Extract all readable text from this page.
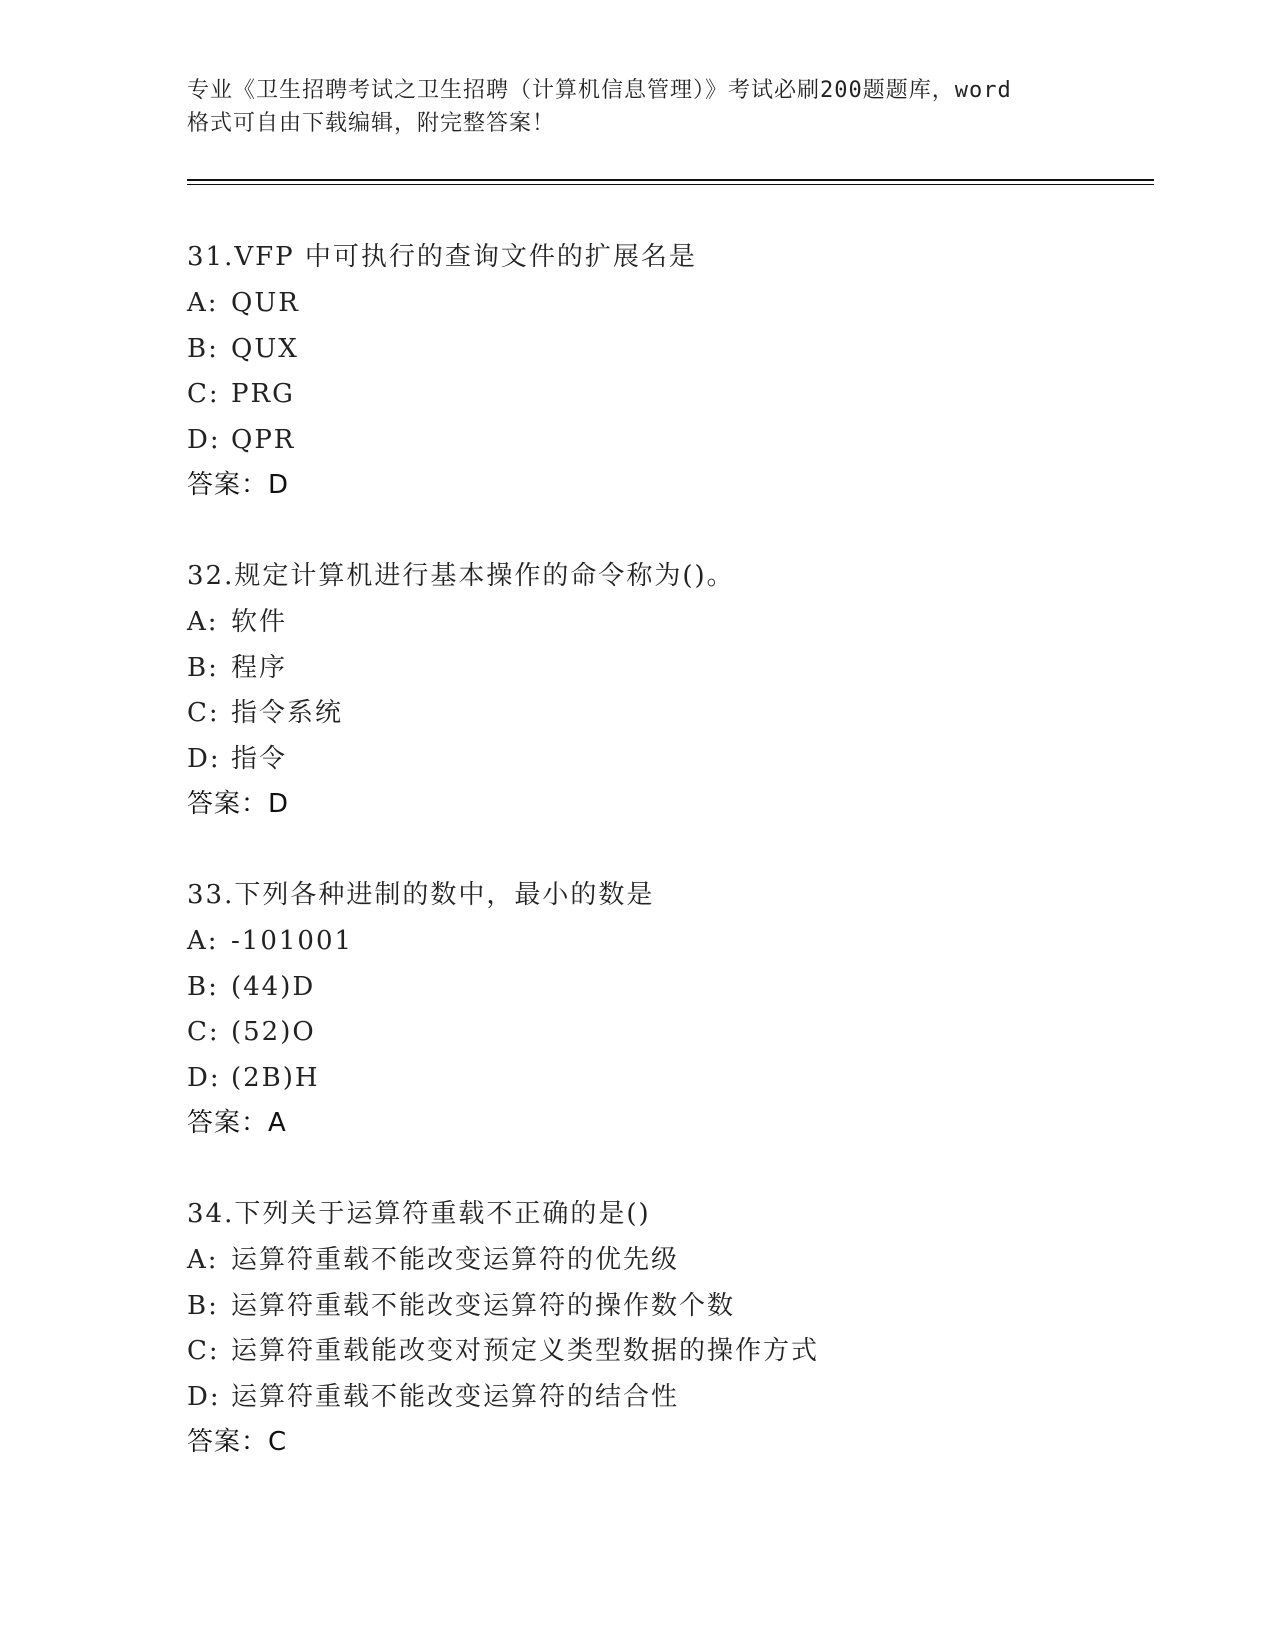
专业《卫生招聘考试之卫生招聘（计算机信息管理）》考试必刷200题题库，word
格式可自由下载编辑，附完整答案！
31.VFP 中可执行的查询文件的扩展名是
A: QUR
B: QUX
C: PRG
D: QPR
答案：D
32.规定计算机进行基本操作的命令称为()。
A: 软件
B: 程序
C: 指令系统
D: 指令
答案：D
33.下列各种进制的数中，最小的数是
A: -101001
B: (44)D
C: (52)O
D: (2B)H
答案：A
34.下列关于运算符重载不正确的是()
A: 运算符重载不能改变运算符的优先级
B: 运算符重载不能改变运算符的操作数个数
C: 运算符重载能改变对预定义类型数据的操作方式
D: 运算符重载不能改变运算符的结合性
答案：C
